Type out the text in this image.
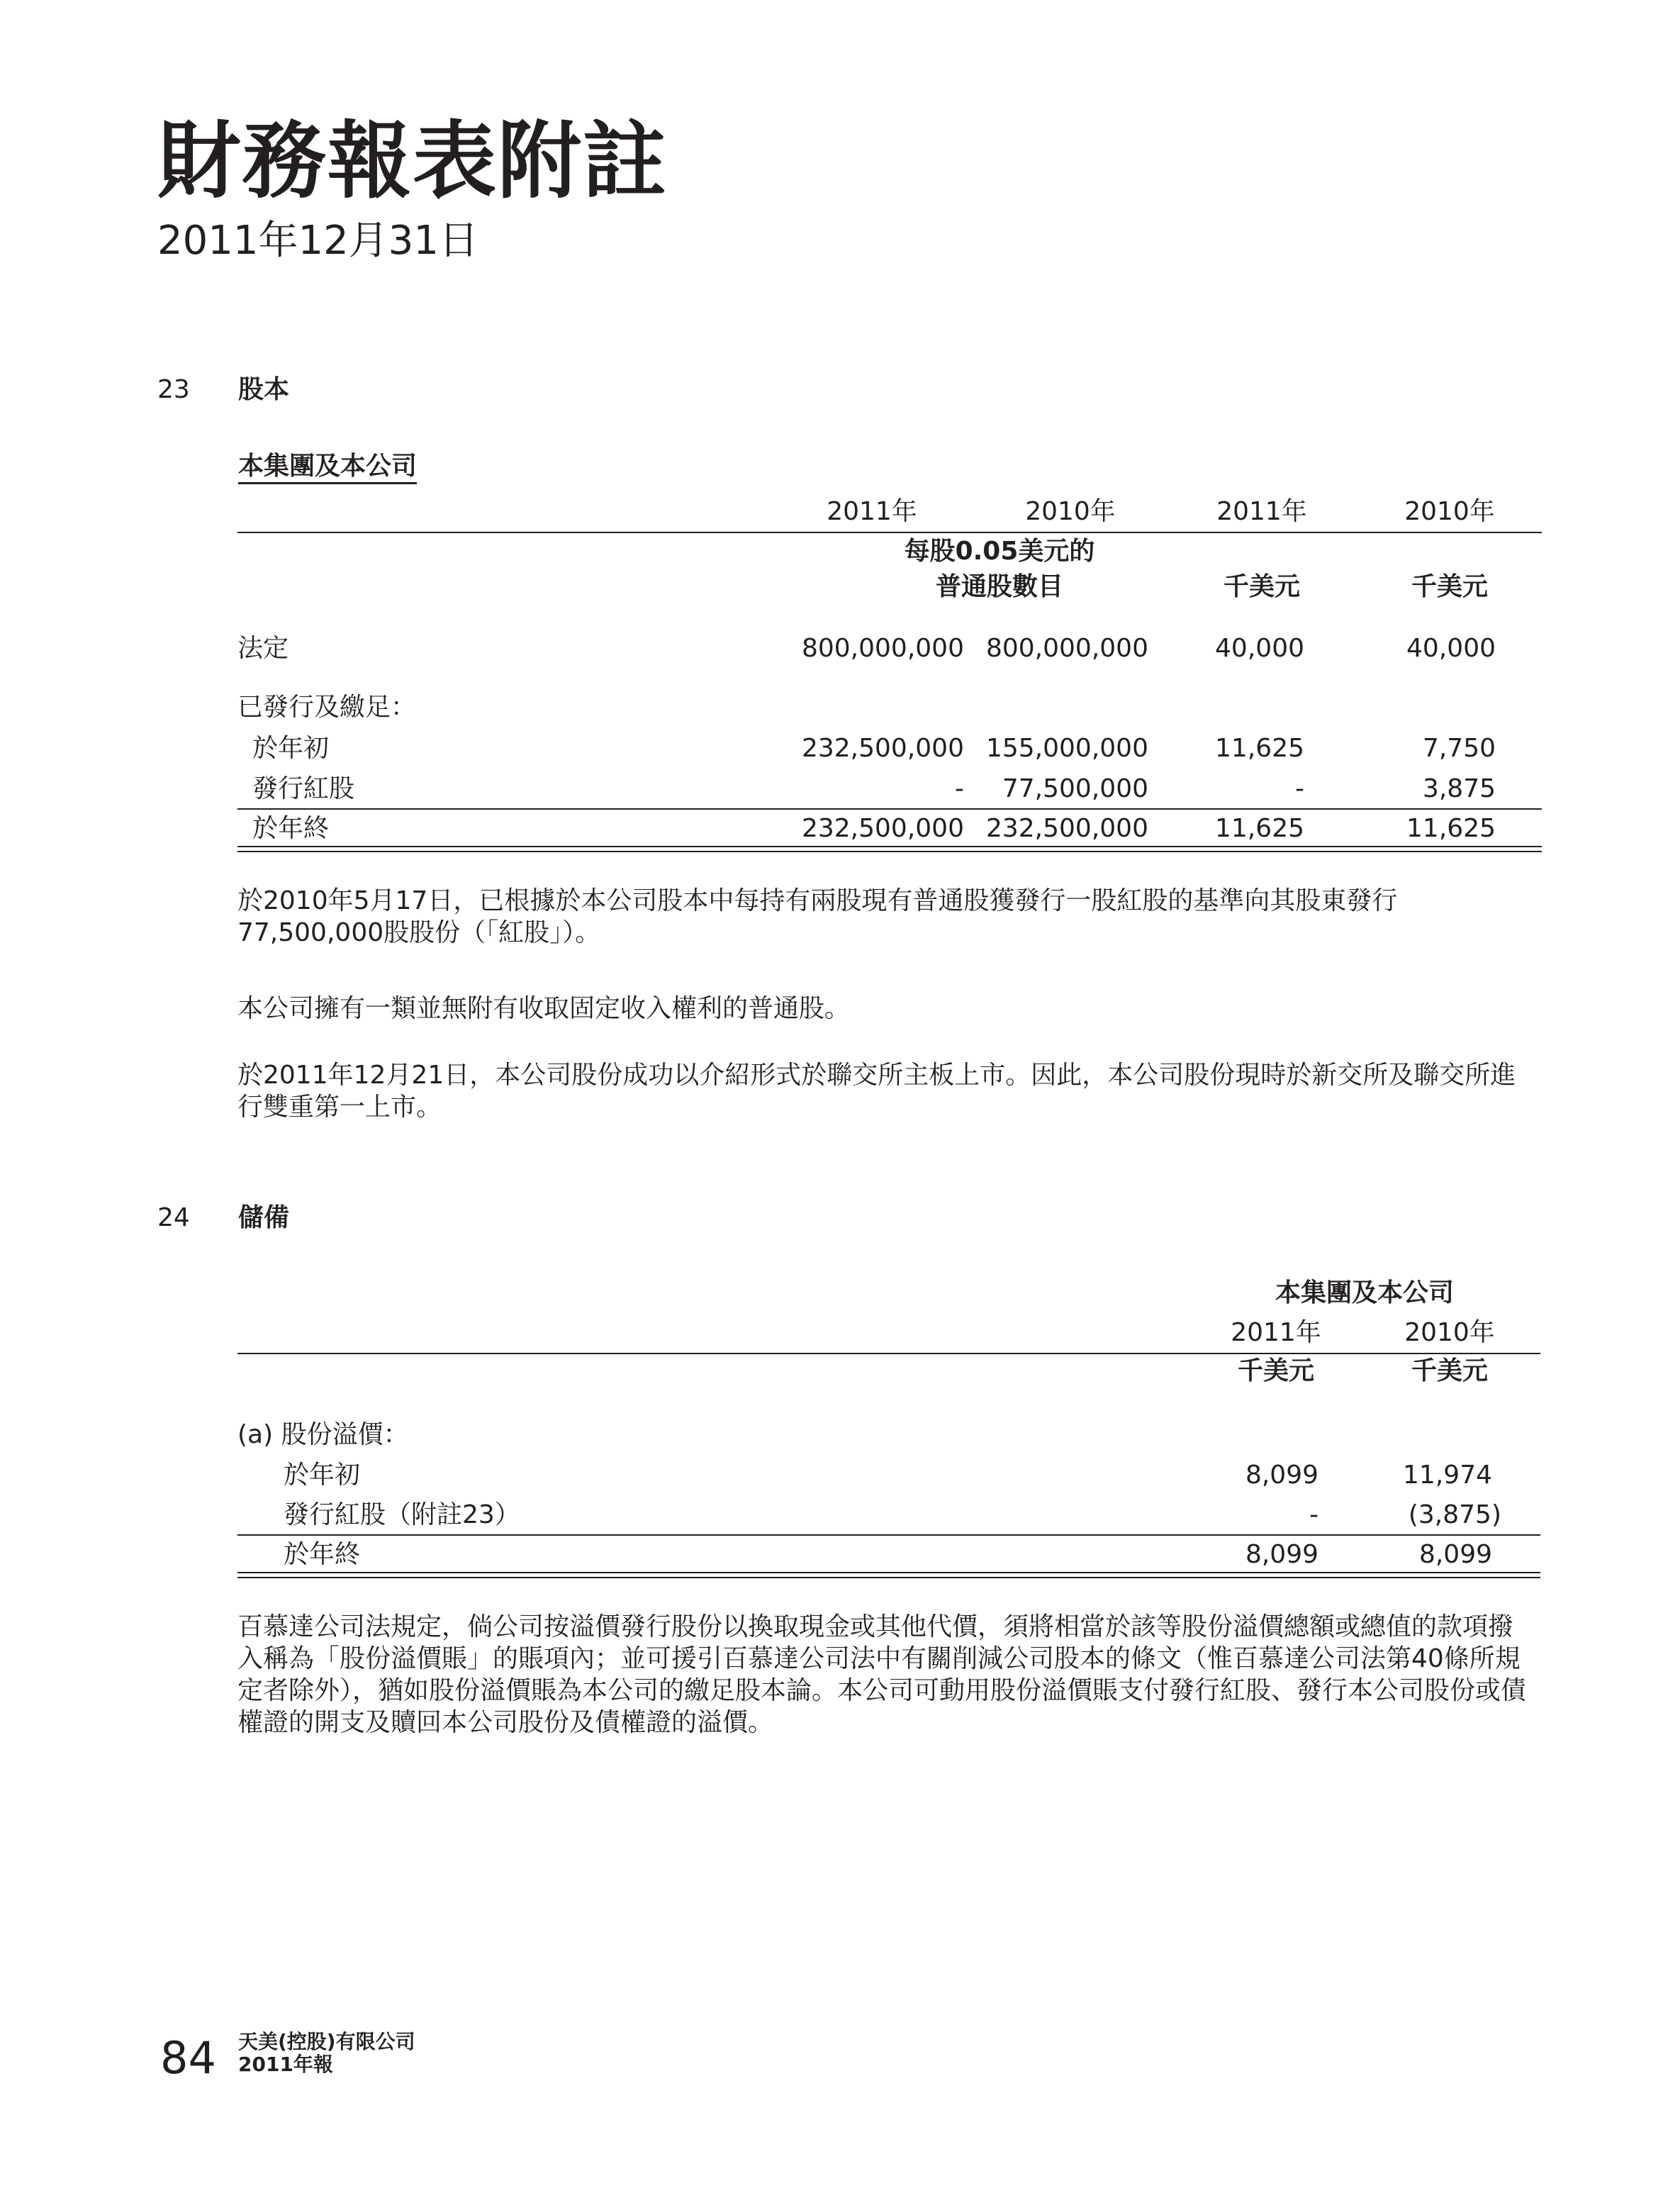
財務報表附註
2011年12月31日
23 股本
本集團及本公司
2011年	2010年	2011年	2010年
每股0.05美元的
普通股數目	千美元	千美元
法定	800,000,000 800,000,000	40,000	40,000
已發行及繳足：
於年初	232,500,000 155,000,000	11,625	7,750
發行紅股	-	77,500,000	-	3,875
於年終	232,500,000 232,500,000	11,625	11,625
於2010年5月17日，已根據於本公司股本中每持有兩股現有普通股獲發行一股紅股的基準向其股東發行77,500,000股股份（「紅股」）。
本公司擁有一類並無附有收取固定收入權利的普通股。
於2011年12月21日，本公司股份成功以介紹形式於聯交所主板上市。因此，本公司股份現時於新交所及聯交所進行雙重第一上市。
24 儲備
本集團及本公司
2011年	2010年
千美元	千美元
(a) 股份溢價：
於年初	8,099	11,974
發行紅股（附註23）	-	(3,875)
於年終	8,099	8,099
百慕達公司法規定，倘公司按溢價發行股份以換取現金或其他代價，須將相當於該等股份溢價總額或總值的款項撥入稱為「股份溢價賬」的賬項內；並可援引百慕達公司法中有關削減公司股本的條文（惟百慕達公司法第40條所規定者除外），猶如股份溢價賬為本公司的繳足股本論。本公司可動用股份溢價賬支付發行紅股、發行本公司股份或債權證的開支及贖回本公司股份及債權證的溢價。
84 天美(控股)有限公司
2011年報
